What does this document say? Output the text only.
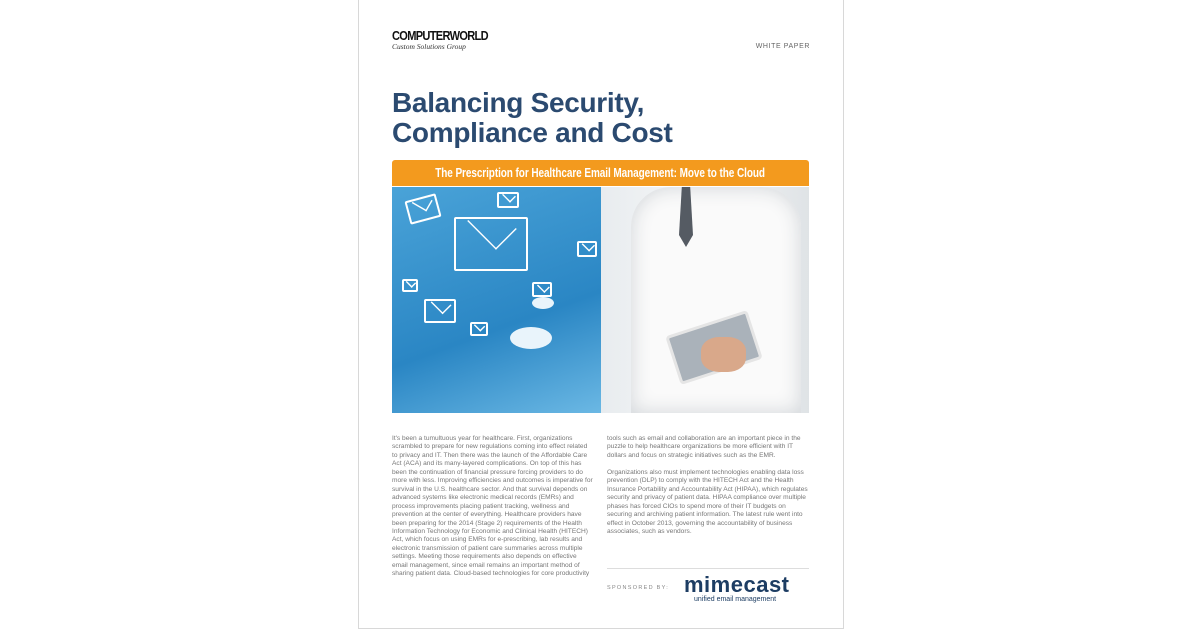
COMPUTERWORLD
Custom Solutions Group	WHITE PAPER
Balancing Security,
Compliance and Cost
The Prescription for Healthcare Email Management: Move to the Cloud

It's been a tumultuous year for healthcare. First, organizations scrambled to prepare for new regulations coming into effect related to privacy and IT. Then there was the launch of the Affordable Care Act (ACA) and its many-layered complications. On top of this has been the continuation of financial pressure forcing providers to do more with less. Improving efficiencies and outcomes is imperative for survival in the U.S. healthcare sector. And that survival depends on advanced systems like electronic medical records (EMRs) and process improvements placing patient tracking, wellness and prevention at the center of everything. Healthcare providers have been preparing for the 2014 (Stage 2) requirements of the Health Information Technology for Economic and Clinical Health (HITECH) Act, which focus on using EMRs for e-prescribing, lab results and electronic transmission of patient care summaries across multiple settings. Meeting those requirements also depends on effective email management, since email remains an important method of sharing patient data. Cloud-based technologies for core productivity

tools such as email and collaboration are an important piece in the puzzle to help healthcare organizations be more efficient with IT dollars and focus on strategic initiatives such as the EMR.

Organizations also must implement technologies enabling data loss prevention (DLP) to comply with the HITECH Act and the Health Insurance Portability and Accountability Act (HIPAA), which regulates security and privacy of patient data. HIPAA compliance over multiple phases has forced CIOs to spend more of their IT budgets on securing and archiving patient information. The latest rule went into effect in October 2013, governing the accountability of business associates, such as vendors.

SPONSORED BY: mimecast
unified email management
